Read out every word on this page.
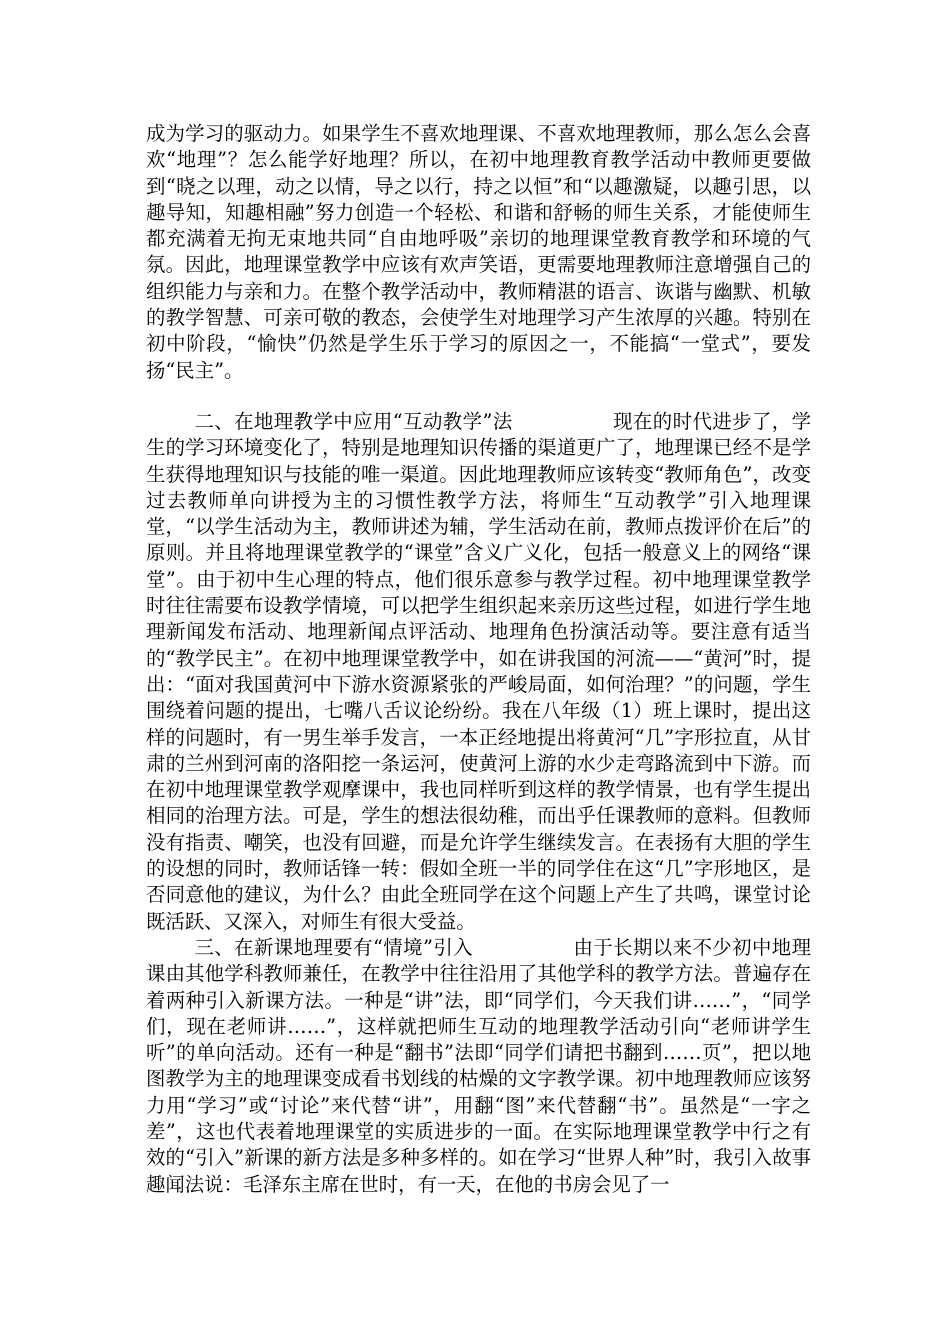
成为学习的驱动力。如果学生不喜欢地理课、不喜欢地理教师，那么怎么会喜欢“地理”？怎么能学好地理？所以，在初中地理教育教学活动中教师更要做到“晓之以理，动之以情，导之以行，持之以恒”和“以趣激疑，以趣引思，以趣导知，知趣相融”努力创造一个轻松、和谐和舒畅的师生关系，才能使师生都充满着无拘无束地共同“自由地呼吸”亲切的地理课堂教育教学和环境的气氛。因此，地理课堂教学中应该有欢声笑语，更需要地理教师注意增强自己的组织能力与亲和力。在整个教学活动中，教师精湛的语言、诙谐与幽默、机敏的教学智慧、可亲可敬的教态，会使学生对地理学习产生浓厚的兴趣。特别在初中阶段，“愉快”仍然是学生乐于学习的原因之一，不能搞“一堂式”，要发扬“民主”。

二、在地理教学中应用“互动教学”法	现在的时代进步了，学生的学习环境变化了，特别是地理知识传播的渠道更广了，地理课已经不是学生获得地理知识与技能的唯一渠道。因此地理教师应该转变“教师角色”，改变过去教师单向讲授为主的习惯性教学方法，将师生“互动教学”引入地理课堂，“以学生活动为主，教师讲述为辅，学生活动在前，教师点拨评价在后”的原则。并且将地理课堂教学的“课堂”含义广义化，包括一般意义上的网络“课堂”。由于初中生心理的特点，他们很乐意参与教学过程。初中地理课堂教学时往往需要布设教学情境，可以把学生组织起来亲历这些过程，如进行学生地理新闻发布活动、地理新闻点评活动、地理角色扮演活动等。要注意有适当的“教学民主”。在初中地理课堂教学中，如在讲我国的河流——“黄河”时，提出：“面对我国黄河中下游水资源紧张的严峻局面，如何治理？”的问题，学生围绕着问题的提出，七嘴八舌议论纷纷。我在八年级（1）班上课时，提出这样的问题时，有一男生举手发言，一本正经地提出将黄河“几”字形拉直，从甘肃的兰州到河南的洛阳挖一条运河，使黄河上游的水少走弯路流到中下游。而在初中地理课堂教学观摩课中，我也同样听到这样的教学情景，也有学生提出相同的治理方法。可是，学生的想法很幼稚，而出乎任课教师的意料。但教师没有指责、嘲笑，也没有回避，而是允许学生继续发言。在表扬有大胆的学生的设想的同时，教师话锋一转：假如全班一半的同学住在这“几”字形地区，是否同意他的建议，为什么？由此全班同学在这个问题上产生了共鸣，课堂讨论既活跃、又深入，对师生有很大受益。

三、在新课地理要有“情境”引入	由于长期以来不少初中地理课由其他学科教师兼任，在教学中往往沿用了其他学科的教学方法。普遍存在着两种引入新课方法。一种是“讲”法，即“同学们，今天我们讲……”，“同学们，现在老师讲……”，这样就把师生互动的地理教学活动引向“老师讲学生听”的单向活动。还有一种是“翻书”法即“同学们请把书翻到……页”，把以地图教学为主的地理课变成看书划线的枯燥的文字教学课。初中地理教师应该努力用“学习”或“讨论”来代替“讲”，用翻“图”来代替翻“书”。虽然是“一字之差”，这也代表着地理课堂的实质进步的一面。在实际地理课堂教学中行之有效的“引入”新课的新方法是多种多样的。如在学习“世界人种”时，我引入故事趣闻法说：毛泽东主席在世时，有一天，在他的书房会见了一
